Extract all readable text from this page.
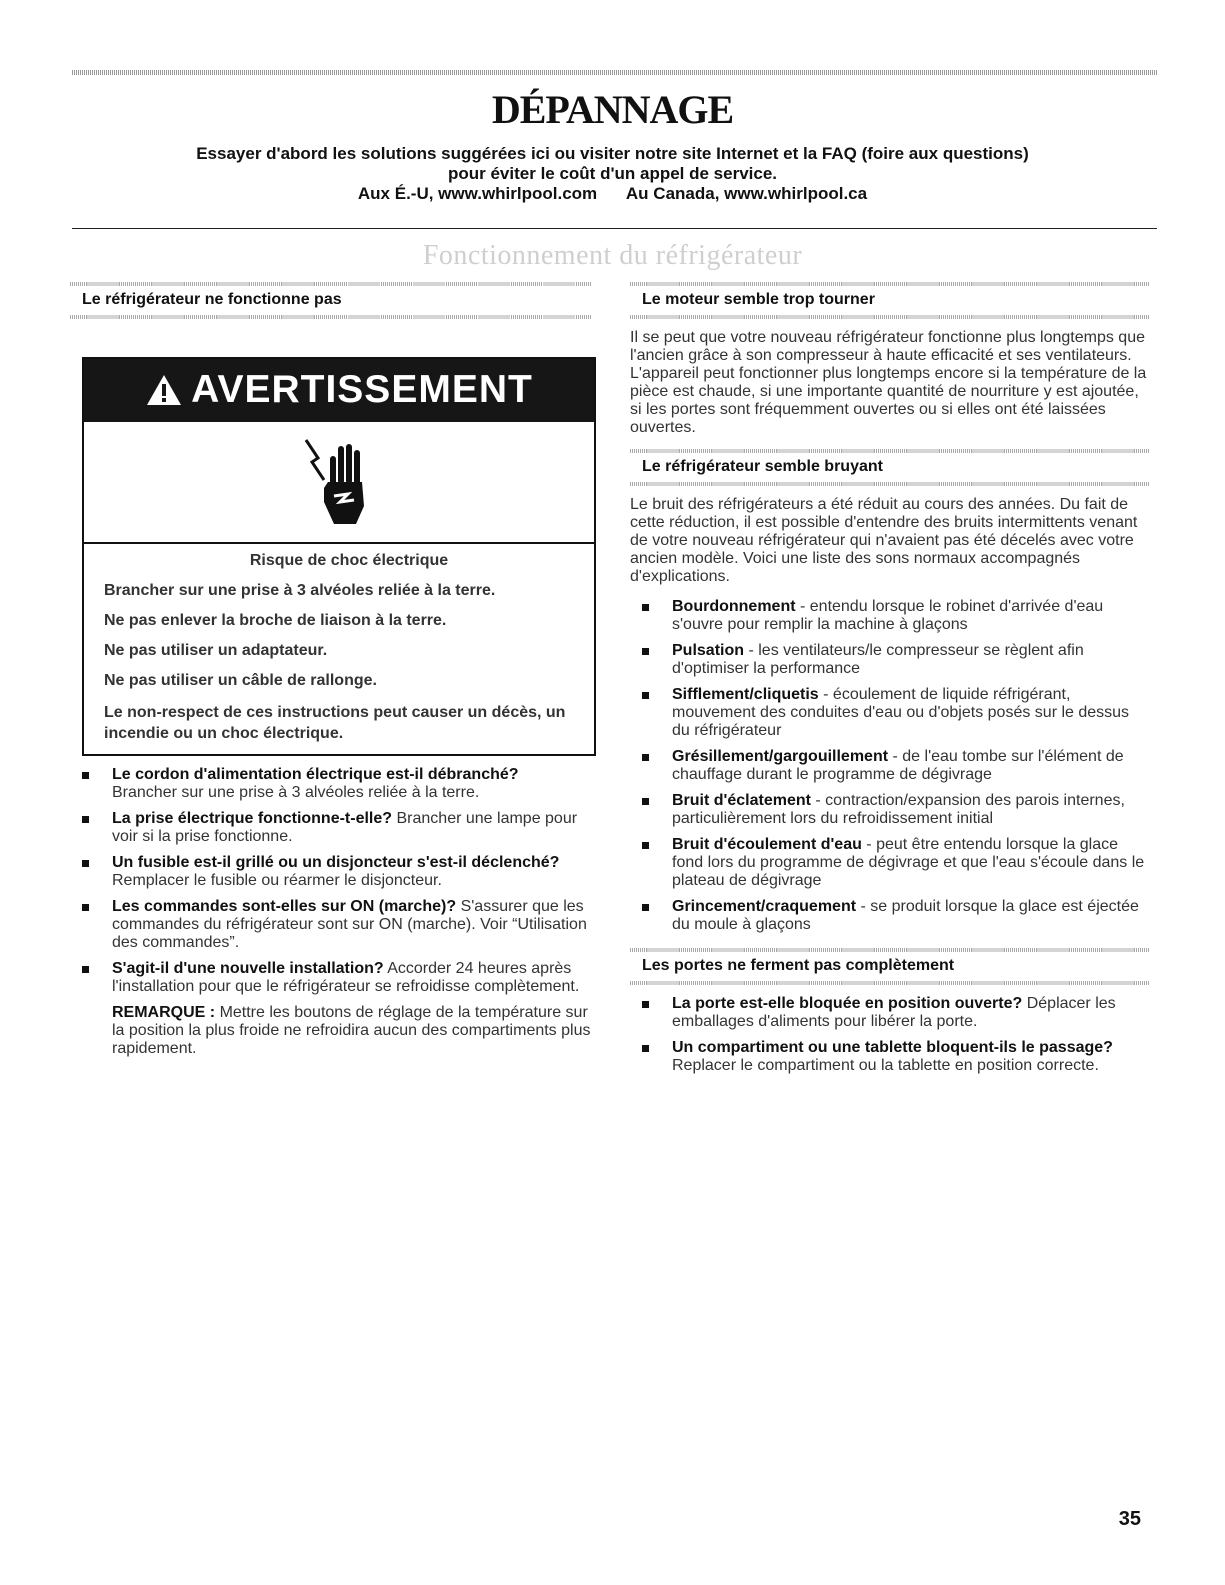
DÉPANNAGE
Essayer d'abord les solutions suggérées ici ou visiter notre site Internet et la FAQ (foire aux questions)
pour éviter le coût d'un appel de service.
Aux É.-U, www.whirlpool.com Au Canada, www.whirlpool.ca
Fonctionnement du réfrigérateur
Le réfrigérateur ne fonctionne pas
AVERTISSEMENT
Risque de choc électrique

Brancher sur une prise à 3 alvéoles reliée à la terre.

Ne pas enlever la broche de liaison à la terre.

Ne pas utiliser un adaptateur.

Ne pas utiliser un câble de rallonge.

Le non-respect de ces instructions peut causer un décès, un incendie ou un choc électrique.

Le cordon d'alimentation électrique est-il débranché?
Brancher sur une prise à 3 alvéoles reliée à la terre.
La prise électrique fonctionne-t-elle? Brancher une lampe pour voir si la prise fonctionne.
Un fusible est-il grillé ou un disjoncteur s'est-il déclenché? Remplacer le fusible ou réarmer le disjoncteur.
Les commandes sont-elles sur ON (marche)? S'assurer que les commandes du réfrigérateur sont sur ON (marche). Voir “Utilisation des commandes”.
S'agit-il d'une nouvelle installation? Accorder 24 heures après l'installation pour que le réfrigérateur se refroidisse complètement.
REMARQUE : Mettre les boutons de réglage de la température sur la position la plus froide ne refroidira aucun des compartiments plus rapidement.
Le moteur semble trop tourner

Il se peut que votre nouveau réfrigérateur fonctionne plus longtemps que l'ancien grâce à son compresseur à haute efficacité et ses ventilateurs. L'appareil peut fonctionner plus longtemps encore si la température de la pièce est chaude, si une importante quantité de nourriture y est ajoutée, si les portes sont fréquemment ouvertes ou si elles ont été laissées ouvertes.

Le réfrigérateur semble bruyant

Le bruit des réfrigérateurs a été réduit au cours des années. Du fait de cette réduction, il est possible d'entendre des bruits intermittents venant de votre nouveau réfrigérateur qui n'avaient pas été décelés avec votre ancien modèle. Voici une liste des sons normaux accompagnés d'explications.

Bourdonnement - entendu lorsque le robinet d'arrivée d'eau s'ouvre pour remplir la machine à glaçons
Pulsation - les ventilateurs/le compresseur se règlent afin d'optimiser la performance
Sifflement/cliquetis - écoulement de liquide réfrigérant, mouvement des conduites d'eau ou d'objets posés sur le dessus du réfrigérateur
Grésillement/gargouillement - de l'eau tombe sur l'élément de chauffage durant le programme de dégivrage
Bruit d'éclatement - contraction/expansion des parois internes, particulièrement lors du refroidissement initial
Bruit d'écoulement d'eau - peut être entendu lorsque la glace fond lors du programme de dégivrage et que l'eau s'écoule dans le plateau de dégivrage
Grincement/craquement - se produit lorsque la glace est éjectée du moule à glaçons
Les portes ne ferment pas complètement
La porte est-elle bloquée en position ouverte? Déplacer les emballages d'aliments pour libérer la porte.
Un compartiment ou une tablette bloquent-ils le passage? Replacer le compartiment ou la tablette en position correcte.
35
